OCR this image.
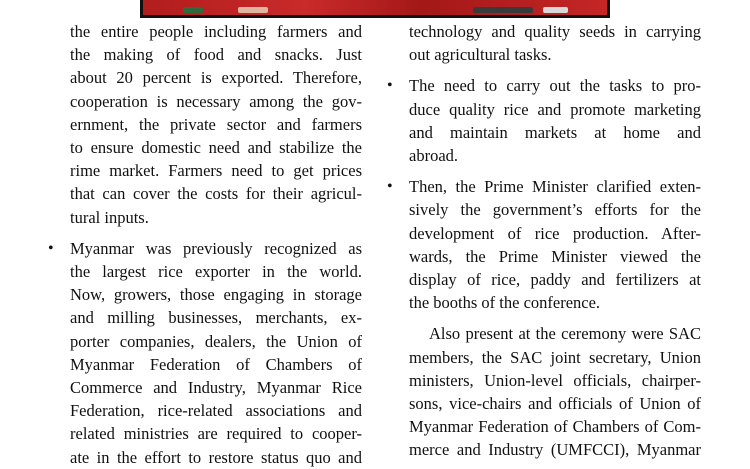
the entire people including farmers and
the making of food and snacks. Just
about 20 percent is exported. Therefore,
cooperation is necessary among the gov-
ernment, the private sector and farmers
to ensure domestic need and stabilize the
rime market. Farmers need to get prices
that can cover the costs for their agricul-
tural inputs.
• Myanmar was previously recognized as
the largest rice exporter in the world.
Now, growers, those engaging in storage
and milling businesses, merchants, ex-
porter companies, dealers, the Union of
Myanmar Federation of Chambers of
Commerce and Industry, Myanmar Rice
Federation, rice-related associations and
related ministries are required to cooper-
ate in the effort to restore status quo and
technology and quality seeds in carrying
out agricultural tasks.
• The need to carry out the tasks to pro-
duce quality rice and promote marketing
and maintain markets at home and
abroad.
• Then, the Prime Minister clarified exten-
sively the government’s efforts for the
development of rice production. After-
wards, the Prime Minister viewed the
display of rice, paddy and fertilizers at
the booths of the conference.
Also present at the ceremony were SAC
members, the SAC joint secretary, Union
ministers, Union-level officials, chairper-
sons, vice-chairs and officials of Union of
Myanmar Federation of Chambers of Com-
merce and Industry (UMFCCI), Myanmar
